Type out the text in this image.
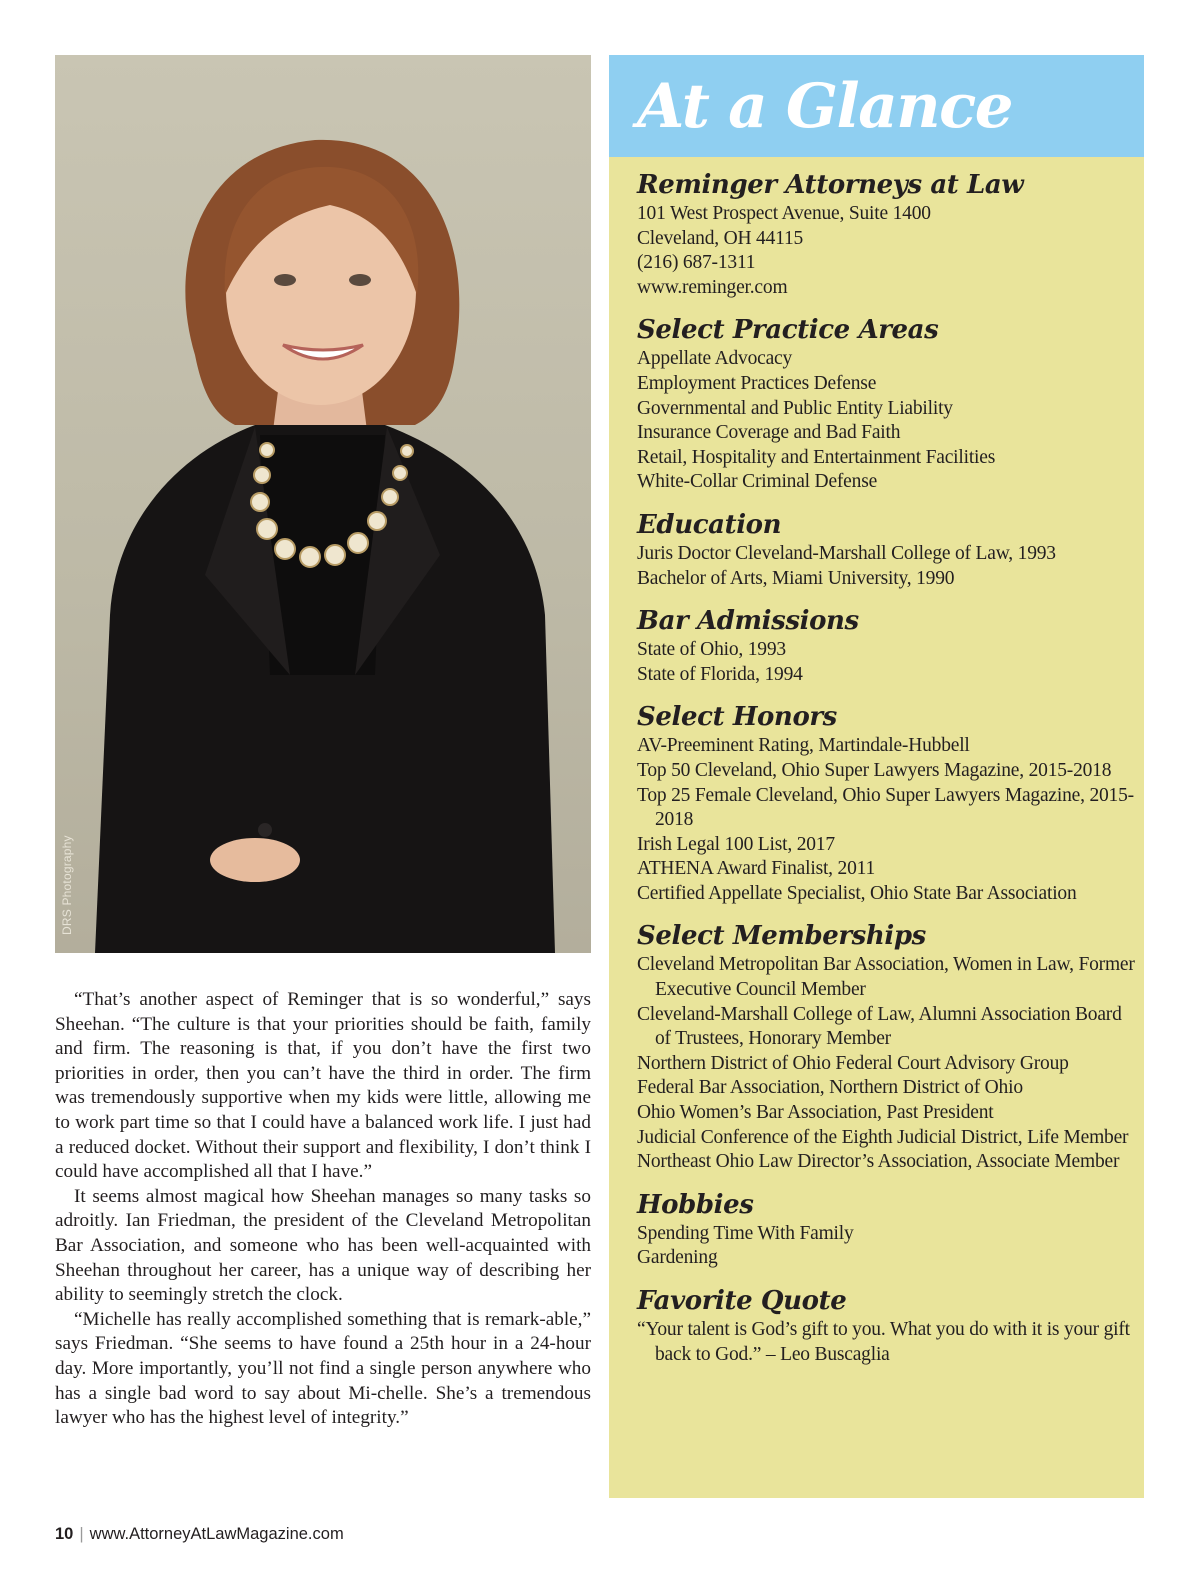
DRS Photography

“That’s another aspect of Reminger that is so wonderful,” says Sheehan. “The culture is that your priorities should be faith, family and firm. The reasoning is that, if you don’t have the first two priorities in order, then you can’t have the third in order. The firm was tremendously supportive when my kids were little, allowing me to work part time so that I could have a balanced work life. I just had a reduced docket. Without their support and flexibility, I don’t think I could have accomplished all that I have.”

It seems almost magical how Sheehan manages so many tasks so adroitly. Ian Friedman, the president of the Cleveland Metropolitan Bar Association, and someone who has been well-acquainted with Sheehan throughout her career, has a unique way of describing her ability to seemingly stretch the clock.

“Michelle has really accomplished something that is remark-able,” says Friedman. “She seems to have found a 25th hour in a 24-hour day. More importantly, you’ll not find a single person anywhere who has a single bad word to say about Mi-chelle. She’s a tremendous lawyer who has the highest level of integrity.”

10 | www.AttorneyAtLawMagazine.com
At a Glance
Reminger Attorneys at Law
101 West Prospect Avenue, Suite 1400
Cleveland, OH 44115
(216) 687-1311
www.reminger.com
Select Practice Areas
Appellate Advocacy
Employment Practices Defense
Governmental and Public Entity Liability
Insurance Coverage and Bad Faith
Retail, Hospitality and Entertainment Facilities
White-Collar Criminal Defense
Education
Juris Doctor Cleveland-Marshall College of Law, 1993
Bachelor of Arts, Miami University, 1990
Bar Admissions
State of Ohio, 1993
State of Florida, 1994
Select Honors
AV-Preeminent Rating, Martindale-Hubbell
Top 50 Cleveland, Ohio Super Lawyers Magazine, 2015-2018
Top 25 Female Cleveland, Ohio Super Lawyers Magazine, 2015-2018
Irish Legal 100 List, 2017
ATHENA Award Finalist, 2011
Certified Appellate Specialist, Ohio State Bar Association
Select Memberships
Cleveland Metropolitan Bar Association, Women in Law, Former Executive Council Member
Cleveland-Marshall College of Law, Alumni Association Board of Trustees, Honorary Member
Northern District of Ohio Federal Court Advisory Group
Federal Bar Association, Northern District of Ohio
Ohio Women’s Bar Association, Past President
Judicial Conference of the Eighth Judicial District, Life Member
Northeast Ohio Law Director’s Association, Associate Member
Hobbies
Spending Time With Family
Gardening
Favorite Quote
“Your talent is God’s gift to you. What you do with it is your gift back to God.” – Leo Buscaglia
